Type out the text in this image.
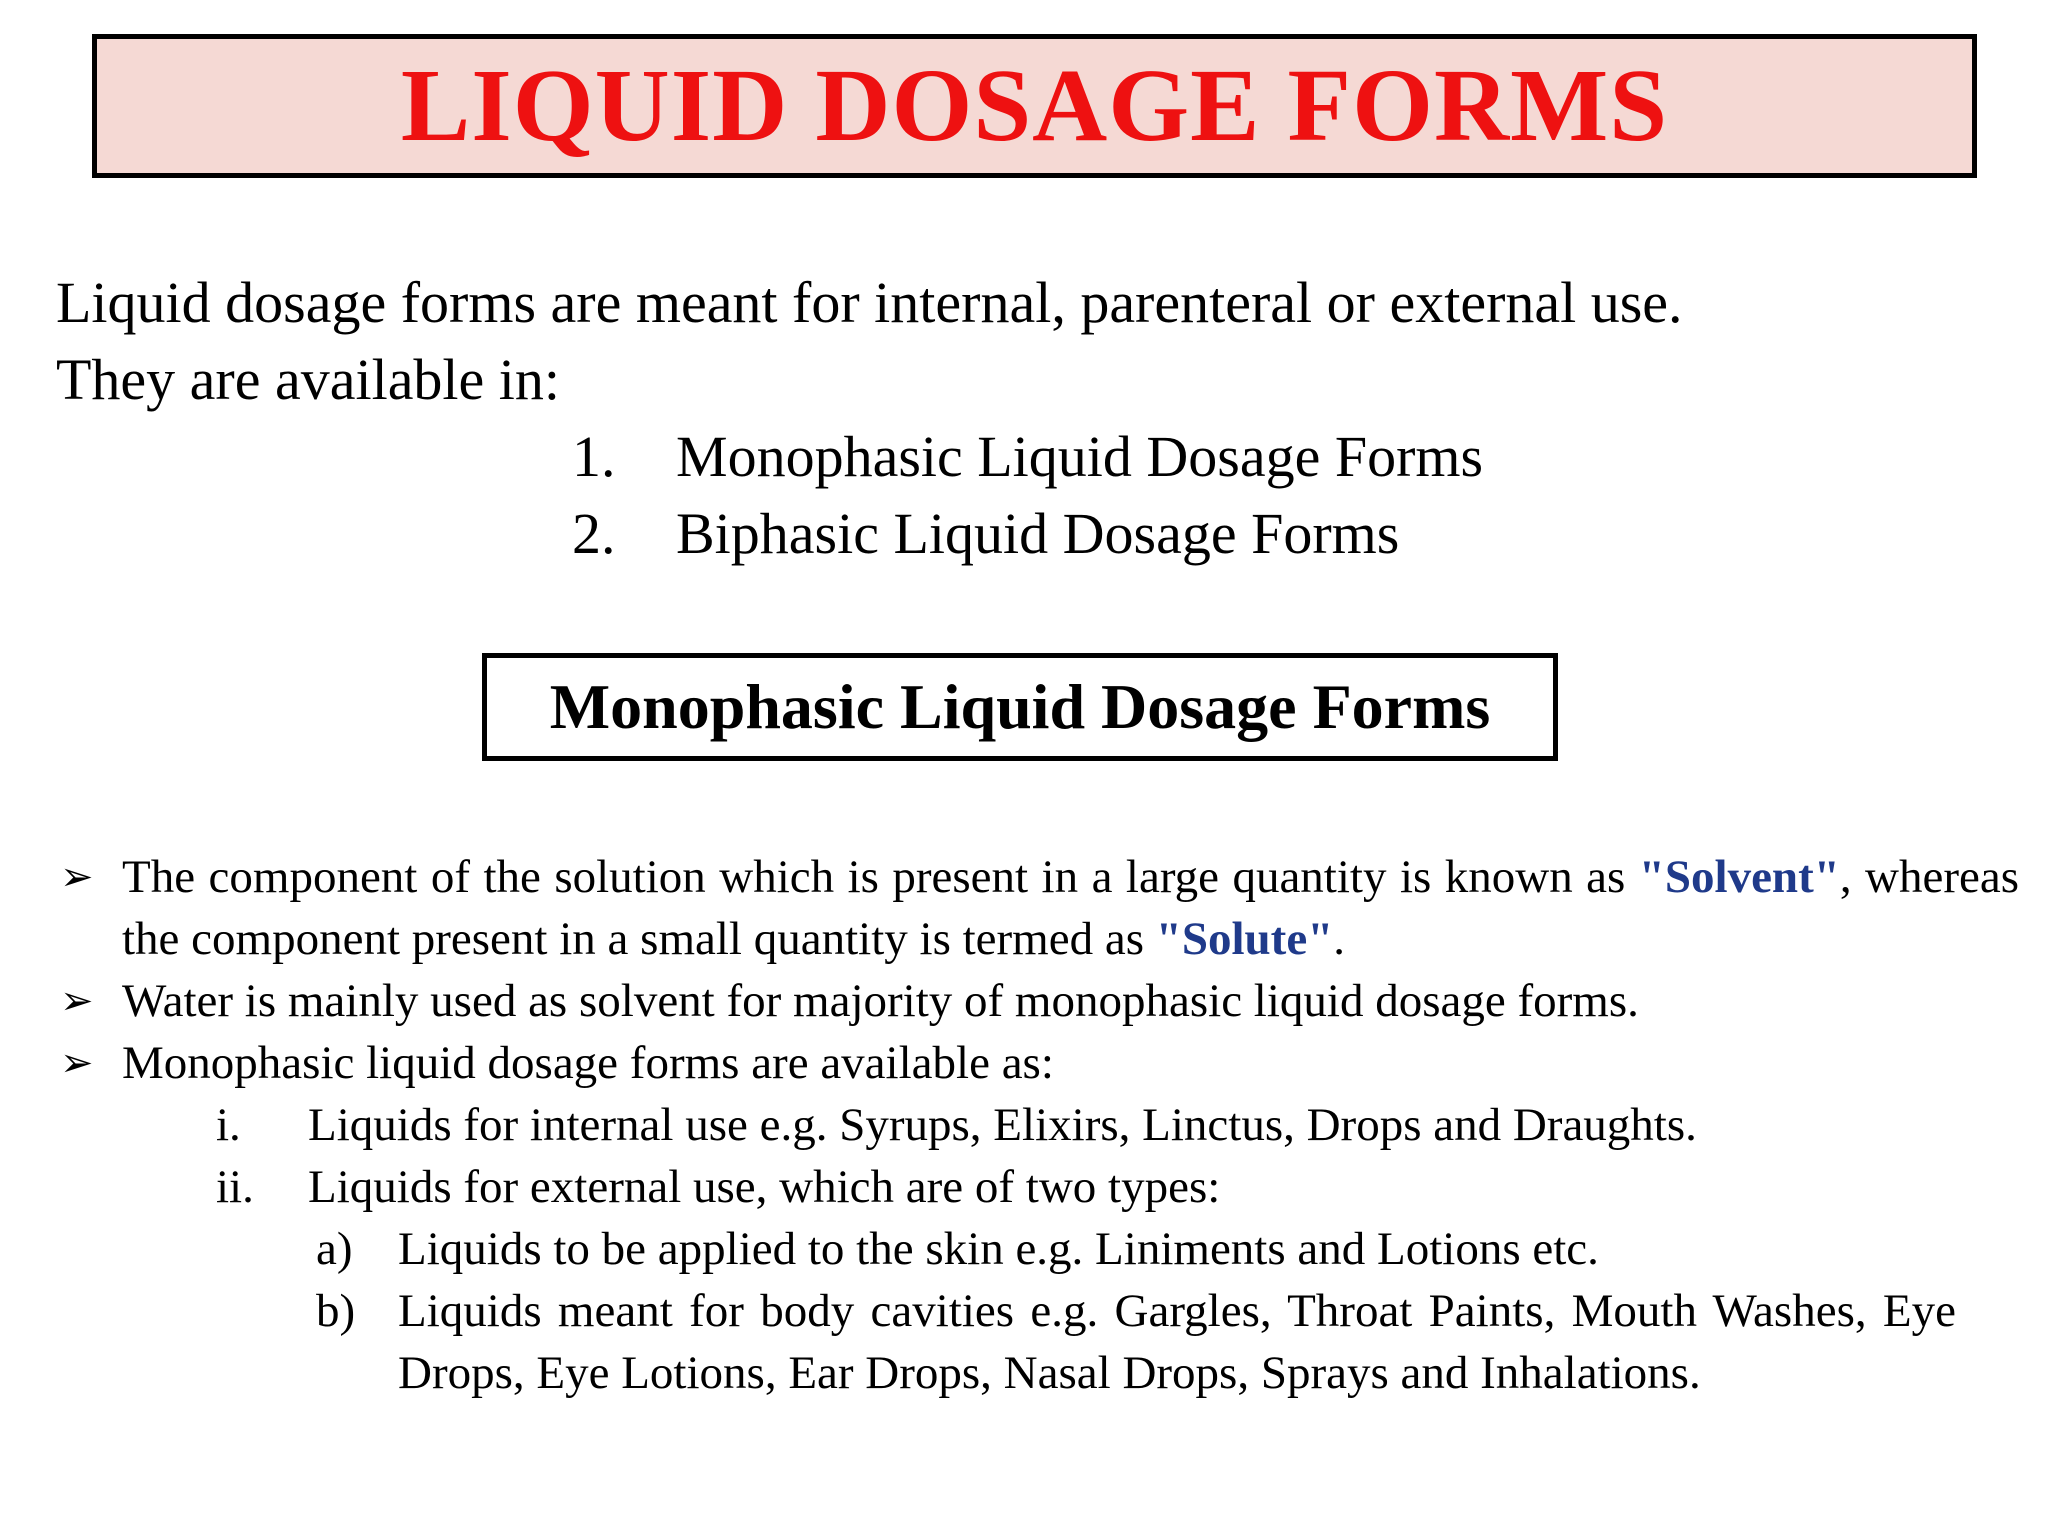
LIQUID DOSAGE FORMS

Liquid dosage forms are meant for internal, parenteral or external use.

They are available in:

1.	Monophasic Liquid Dosage Forms
2.	Biphasic Liquid Dosage Forms
Monophasic Liquid Dosage Forms
➢ The component of the solution which is present in a large quantity is known as "Solvent", whereas the component present in a small quantity is termed as "Solute".
➢ Water is mainly used as solvent for majority of monophasic liquid dosage forms.
➢ Monophasic liquid dosage forms are available as:
i.	Liquids for internal use e.g. Syrups, Elixirs, Linctus, Drops and Draughts.
ii.	Liquids for external use, which are of two types:
a) Liquids to be applied to the skin e.g. Liniments and Lotions etc.
b) Liquids meant for body cavities e.g. Gargles, Throat Paints, Mouth Washes, Eye Drops, Eye Lotions, Ear Drops, Nasal Drops, Sprays and Inhalations.
